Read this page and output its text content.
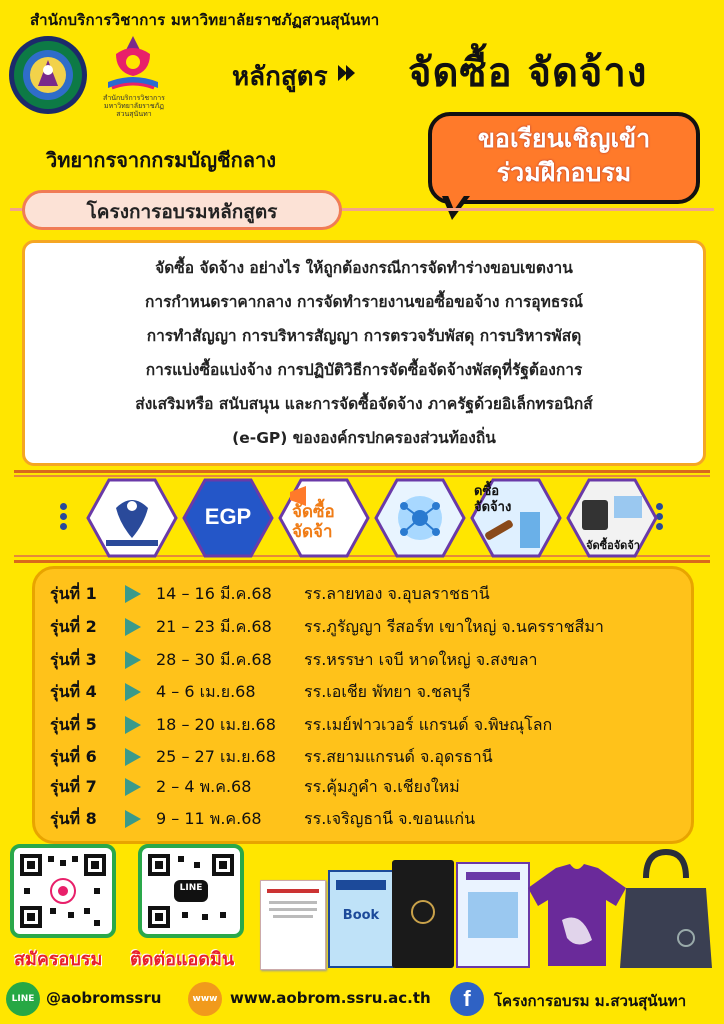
สำนักบริการวิชาการ มหาวิทยาลัยราชภัฏสวนสุนันทา
สำนักบริการวิชาการ มหาวิทยาลัยราชภัฏสวนสุนันทา
หลักสูตร จัดซื้อ จัดจ้าง
วิทยากรจากกรมบัญชีกลาง
ขอเรียนเชิญเข้า
ร่วมฝึกอบรม
โครงการอบรมหลักสูตร
จัดซื้อ จัดจ้าง อย่างไร ให้ถูกต้องกรณีการจัดทำร่างขอบเขตงาน
การกำหนดราคากลาง การจัดทำรายงานขอซื้อขอจ้าง การอุทธรณ์
การทำสัญญา การบริหารสัญญา การตรวจรับพัสดุ การบริหารพัสดุ
การแบ่งซื้อแบ่งจ้าง การปฏิบัติวิธีการจัดซื้อจัดจ้างพัสดุที่รัฐต้องการ
ส่งเสริมหรือ สนับสนุน และการจัดซื้อจัดจ้าง ภาครัฐด้วยอิเล็กทรอนิกส์
(e-GP) ขององค์กรปกครองส่วนท้องถิ่น
EGP	จัดซื้อ
จัดจ้า
ดซื้อ
จัดจ้าง
จัดซื้อจัดจ้า
รุ่นที่ 1	14 – 16 มี.ค.68	รร.ลายทอง จ.อุบลราชธานี
รุ่นที่ 2	21 – 23 มี.ค.68	รร.ภูรัญญา รีสอร์ท เขาใหญ่ จ.นครราชสีมา
รุ่นที่ 3	28 – 30 มี.ค.68	รร.หรรษา เจบี หาดใหญ่ จ.สงขลา
รุ่นที่ 4	4 – 6 เม.ย.68	รร.เอเชีย พัทยา จ.ชลบุรี
รุ่นที่ 5	18 – 20 เม.ย.68	รร.เมย์ฟาวเวอร์ แกรนด์ จ.พิษณุโลก
รุ่นที่ 6	25 – 27 เม.ย.68	รร.สยามแกรนด์ จ.อุดรธานี
รุ่นที่ 7	2 – 4 พ.ค.68	รร.คุ้มภูคำ จ.เชียงใหม่
รุ่นที่ 8	9 – 11 พ.ค.68	รร.เจริญธานี จ.ขอนแก่น
สมัครอบรม
LINE
ติดต่อแอดมิน
Book
LINE @aobromssru	www www.aobrom.ssru.ac.th f โครงการอบรม ม.สวนสุนันทา
